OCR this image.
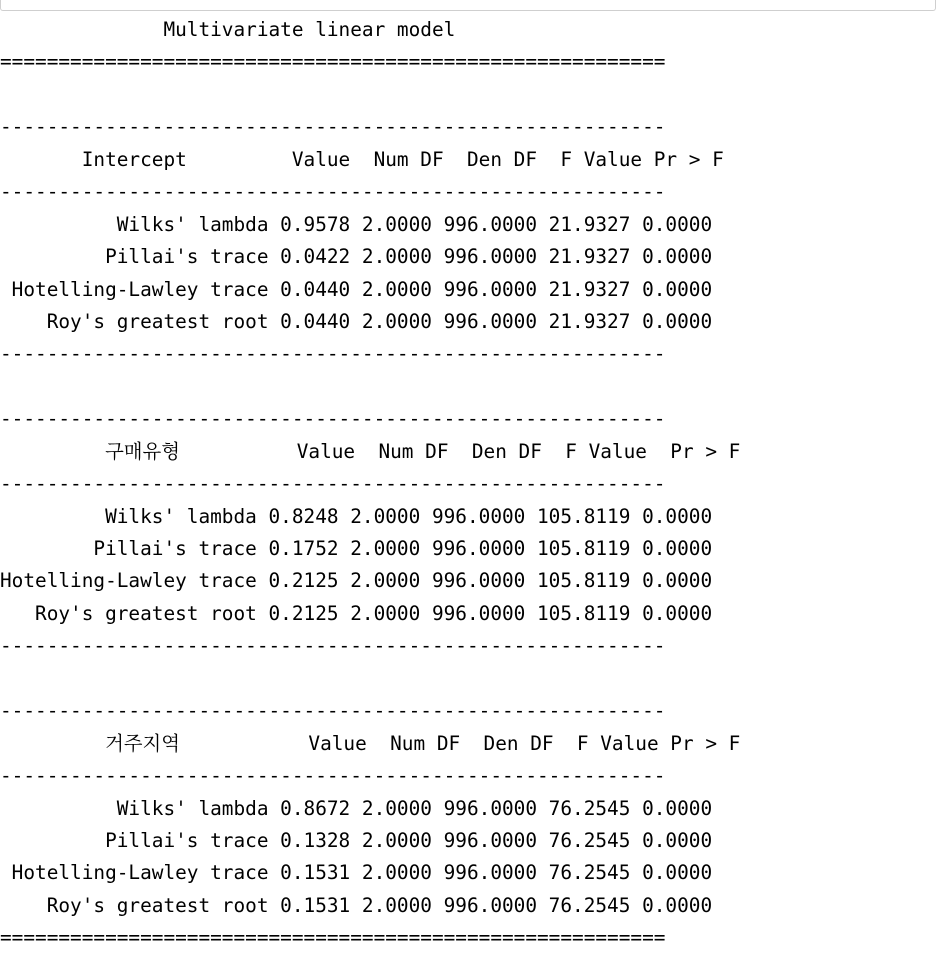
Multivariate linear model
=========================================================
---------------------------------------------------------
Intercept         Value  Num DF  Den DF  F Value Pr > F
---------------------------------------------------------
Wilks' lambda 0.9578 2.0000 996.0000 21.9327 0.0000
Pillai's trace 0.0422 2.0000 996.0000 21.9327 0.0000
Hotelling-Lawley trace 0.0440 2.0000 996.0000 21.9327 0.0000
Roy's greatest root 0.0440 2.0000 996.0000 21.9327 0.0000
---------------------------------------------------------
---------------------------------------------------------
구매유형          Value  Num DF  Den DF  F Value  Pr > F
---------------------------------------------------------
Wilks' lambda 0.8248 2.0000 996.0000 105.8119 0.0000
Pillai's trace 0.1752 2.0000 996.0000 105.8119 0.0000
Hotelling-Lawley trace 0.2125 2.0000 996.0000 105.8119 0.0000
Roy's greatest root 0.2125 2.0000 996.0000 105.8119 0.0000
---------------------------------------------------------
---------------------------------------------------------
거주지역           Value  Num DF  Den DF  F Value Pr > F
---------------------------------------------------------
Wilks' lambda 0.8672 2.0000 996.0000 76.2545 0.0000
Pillai's trace 0.1328 2.0000 996.0000 76.2545 0.0000
Hotelling-Lawley trace 0.1531 2.0000 996.0000 76.2545 0.0000
Roy's greatest root 0.1531 2.0000 996.0000 76.2545 0.0000
=========================================================
